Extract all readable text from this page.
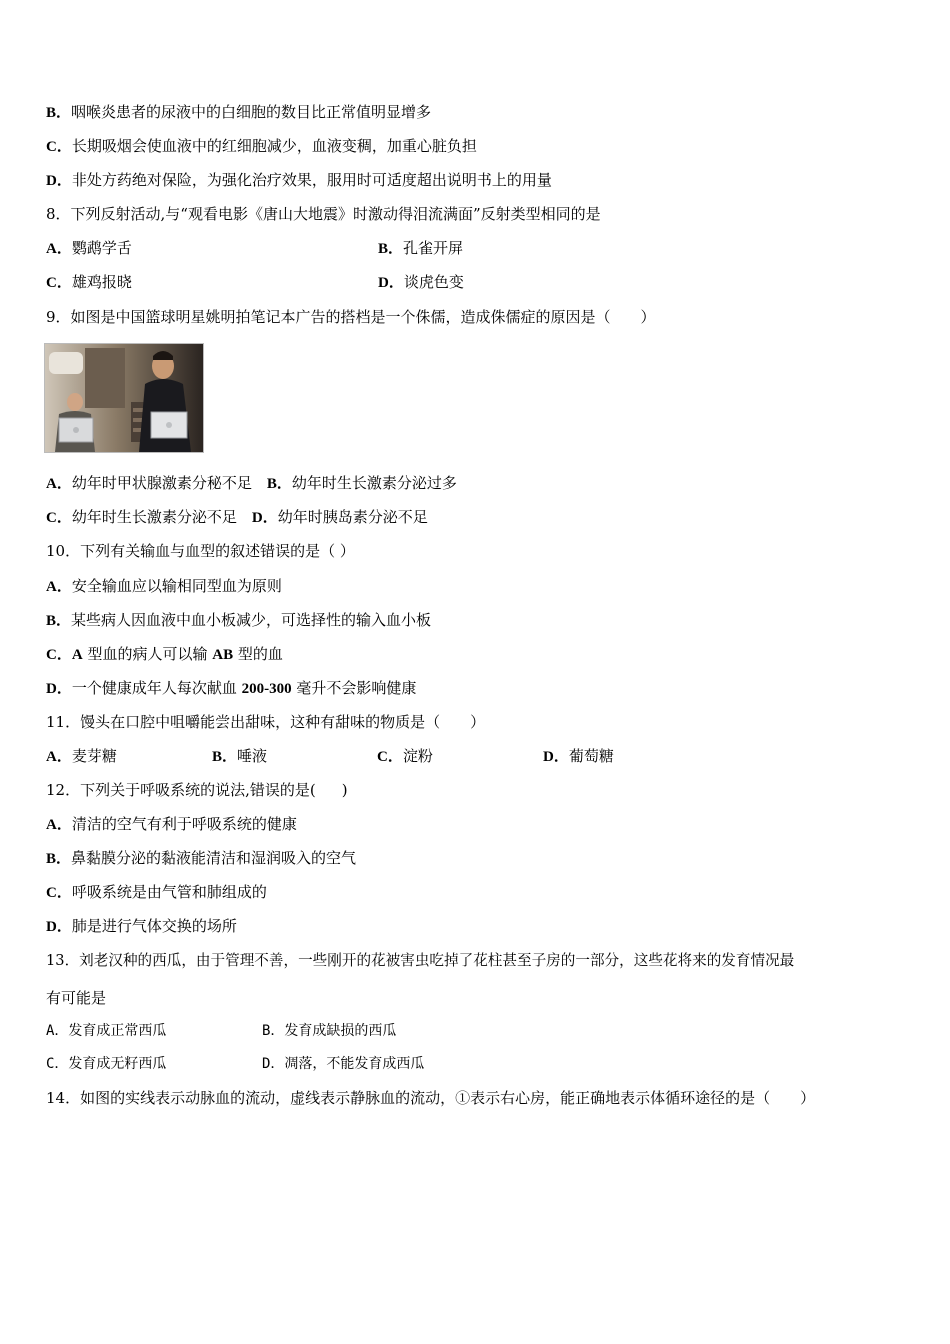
B．咽喉炎患者的尿液中的白细胞的数目比正常值明显增多
C．长期吸烟会使血液中的红细胞减少，血液变稠，加重心脏负担
D．非处方药绝对保险，为强化治疗效果，服用时可适度超出说明书上的用量
8．下列反射活动,与“观看电影《唐山大地震》时激动得泪流满面”反射类型相同的是
A．鹦鹉学舌	B．孔雀开屏
C．雄鸡报晓	D．谈虎色变
9．如图是中国篮球明星姚明拍笔记本广告的搭档是一个侏儒，造成侏儒症的原因是（　　）
A．幼年时甲状腺激素分秘不足　 B．幼年时生长激素分泌过多
C．幼年时生长激素分泌不足　 D．幼年时胰岛素分泌不足
10．下列有关输血与血型的叙述错误的是（ ）
A．安全输血应以输相同型血为原则
B．某些病人因血液中血小板减少，可选择性的输入血小板
C．A 型血的病人可以输 AB 型的血
D．一个健康成年人每次献血 200-300 毫升不会影响健康
11．馒头在口腔中咀嚼能尝出甜味，这种有甜味的物质是（　　）
A．麦芽糖	B．唾液	C．淀粉	D．葡萄糖
12．下列关于呼吸系统的说法,错误的是( )
A．清洁的空气有利于呼吸系统的健康
B．鼻黏膜分泌的黏液能清洁和湿润吸入的空气
C．呼吸系统是由气管和肺组成的
D．肺是进行气体交换的场所
13．刘老汉种的西瓜，由于管理不善，一些刚开的花被害虫吃掉了花柱甚至子房的一部分，这些花将来的发育情况最
有可能是
A．发育成正常西瓜	B．发育成缺损的西瓜
C．发育成无籽西瓜	D．凋落，不能发育成西瓜
14．如图的实线表示动脉血的流动，虚线表示静脉血的流动，①表示右心房，能正确地表示体循环途径的是（　　）
